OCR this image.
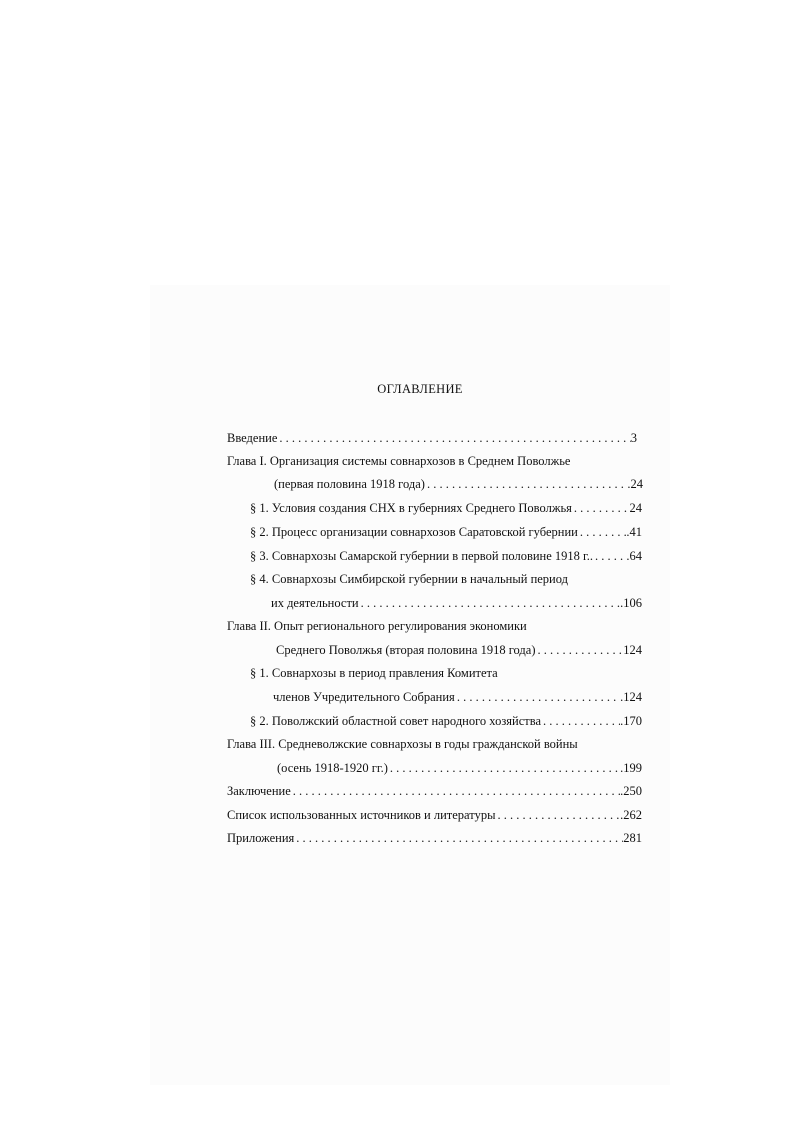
ОГЛАВЛЕНИЕ
Введение	3
. . .
Глава I. Организация системы совнархозов в Среднем Поволжье
(первая половина 1918 года)	.24
. . .
§ 1. Условия создания СНХ в губерниях Среднего Поволжья	24
. . .
§ 2. Процесс организации совнархозов Саратовской губернии	.41
. . .
§ 3. Совнархозы Самарской губернии в первой половине 1918 г..	.64
. . .
§ 4. Совнархозы Симбирской губернии в начальный период
их деятельности	.106
. . .
Глава II. Опыт регионального регулирования экономики
Среднего Поволжья (вторая половина 1918 года)	124
. . .
§ 1. Совнархозы в период правления Комитета
членов Учредительного Собрания	.124
. . .
§ 2. Поволжский областной совет народного хозяйства	.170
. . .
Глава III. Средневолжские совнархозы в годы гражданской войны
(осень 1918-1920 гг.)	.199
. . .
Заключение	.250
. . .
Список использованных источников и литературы	.262
. . .
Приложения	281
. . .
